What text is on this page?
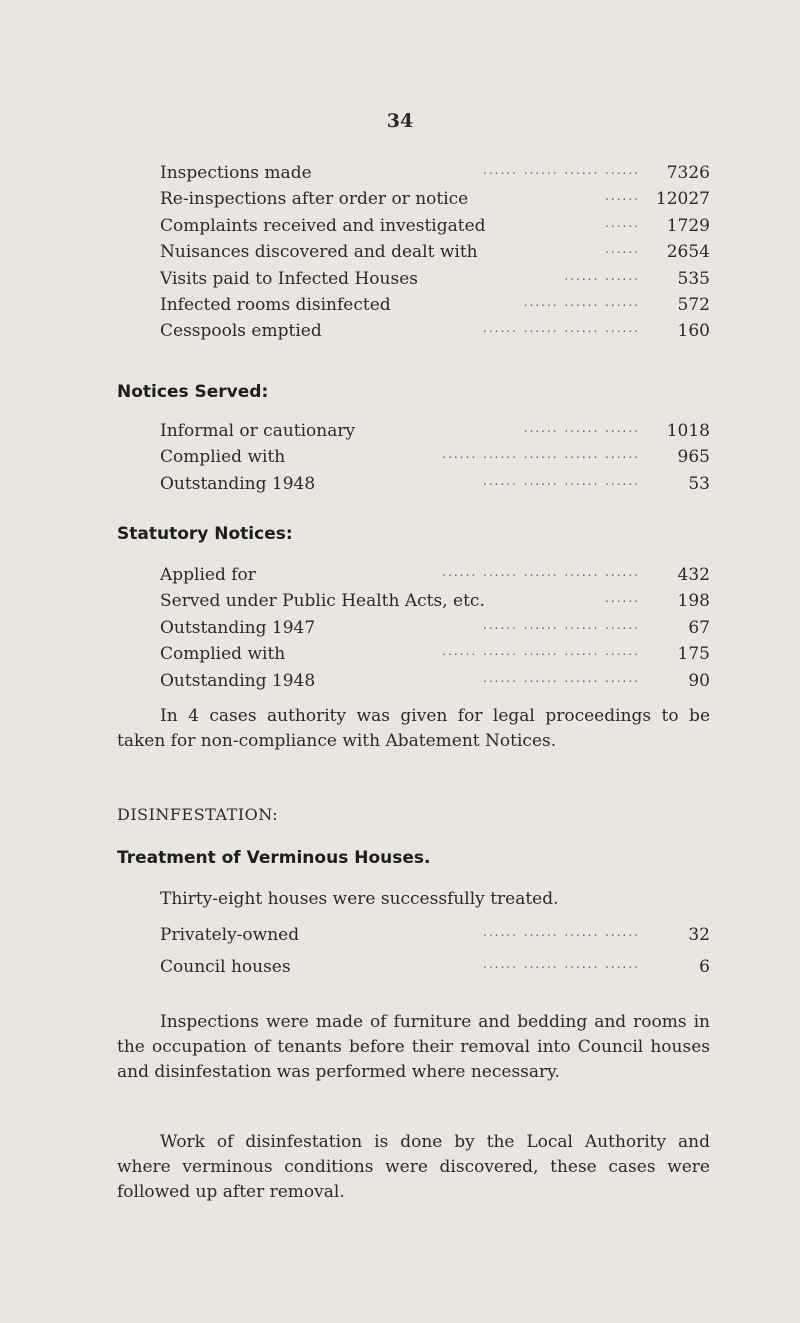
34
Inspections made	...... ...... ...... ...... 7326
Re-inspections after order or notice	...... 12027
Complaints received and investigated	...... 1729
Nuisances discovered and dealt with	...... 2654
Visits paid to Infected Houses	...... ...... 535
Infected rooms disinfected	...... ...... ...... 572
Cesspools emptied	...... ...... ...... ...... 160
Notices Served:
Informal or cautionary	...... ...... ...... 1018
Complied with	...... ...... ...... ...... ...... 965
Outstanding 1948	...... ...... ...... ......	53
Statutory Notices:
Applied for	...... ...... ...... ...... ...... 432
Served under Public Health Acts, etc.	...... 198
Outstanding 1947	...... ...... ...... ......	67
Complied with	...... ...... ...... ...... ...... 175
Outstanding 1948	...... ...... ...... ......	90
In 4 cases authority was given for legal proceedings to be taken for non-compliance with Abatement Notices.
DISINFESTATION:
Treatment of Verminous Houses.
Thirty-eight houses were successfully treated.
Privately-owned	...... ...... ...... ......	32
Council houses	...... ...... ...... ......	6
Inspections were made of furniture and bedding and rooms in the occupation of tenants before their removal into Council houses and disinfestation was performed where necessary.
Work of disinfestation is done by the Local Authority and where verminous conditions were discovered, these cases were followed up after removal.
